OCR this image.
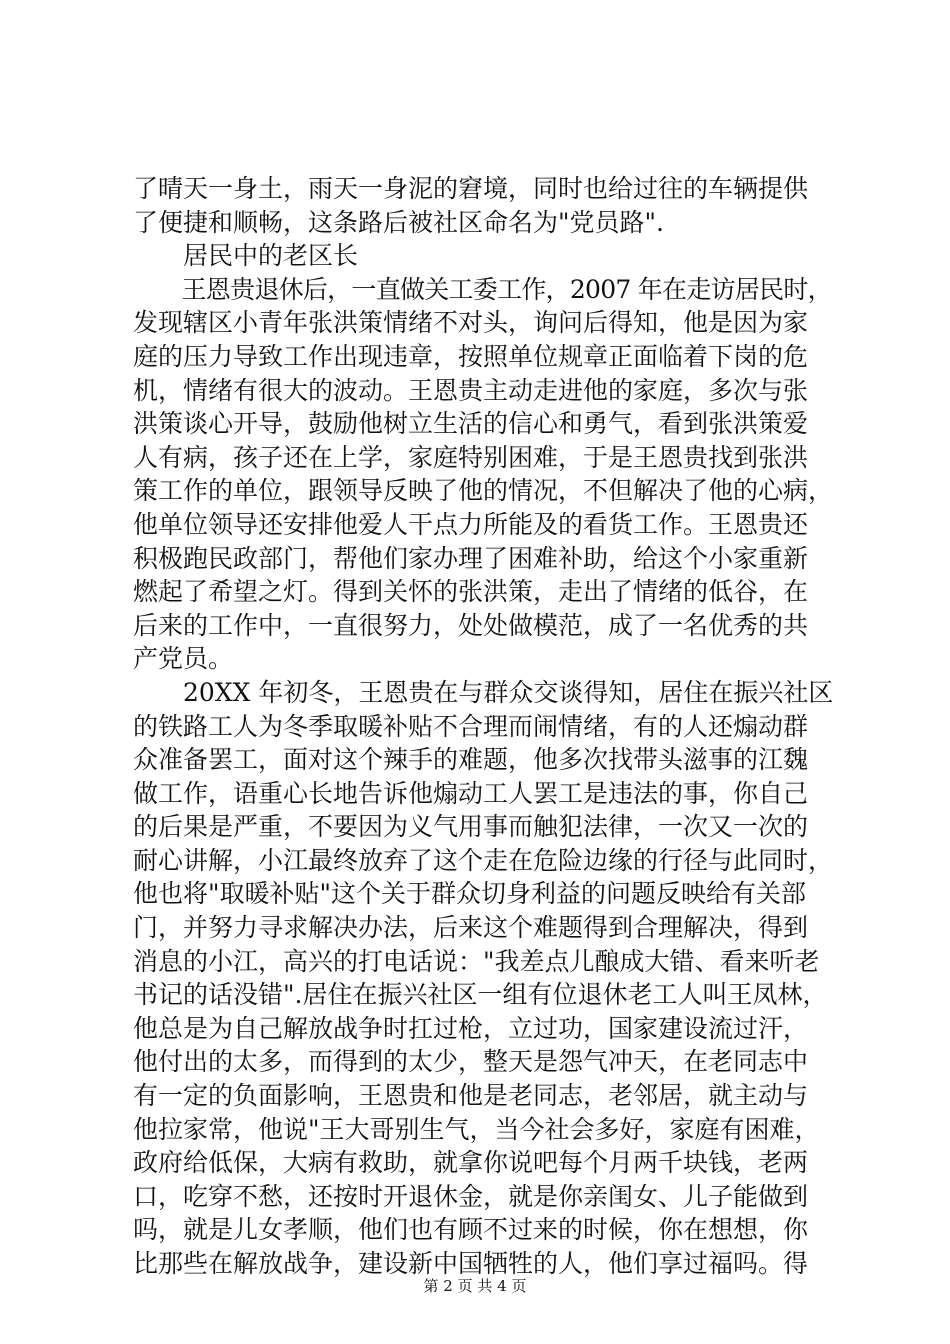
了晴天一身土，雨天一身泥的窘境，同时也给过往的车辆提供
了便捷和顺畅，这条路后被社区命名为"党员路".
　　居民中的老区长
　　王恩贵退休后，一直做关工委工作，2007 年在走访居民时，
发现辖区小青年张洪策情绪不对头，询问后得知，他是因为家
庭的压力导致工作出现违章，按照单位规章正面临着下岗的危
机，情绪有很大的波动。王恩贵主动走进他的家庭，多次与张
洪策谈心开导，鼓励他树立生活的信心和勇气，看到张洪策爱
人有病，孩子还在上学，家庭特别困难，于是王恩贵找到张洪
策工作的单位，跟领导反映了他的情况，不但解决了他的心病，
他单位领导还安排他爱人干点力所能及的看货工作。王恩贵还
积极跑民政部门，帮他们家办理了困难补助，给这个小家重新
燃起了希望之灯。得到关怀的张洪策，走出了情绪的低谷，在
后来的工作中，一直很努力，处处做模范，成了一名优秀的共
产党员。
　　20XX 年初冬，王恩贵在与群众交谈得知，居住在振兴社区
的铁路工人为冬季取暖补贴不合理而闹情绪，有的人还煽动群
众准备罢工，面对这个辣手的难题，他多次找带头滋事的江魏
做工作，语重心长地告诉他煽动工人罢工是违法的事，你自己
的后果是严重，不要因为义气用事而触犯法律，一次又一次的
耐心讲解，小江最终放弃了这个走在危险边缘的行径与此同时，
他也将"取暖补贴"这个关于群众切身利益的问题反映给有关部
门，并努力寻求解决办法，后来这个难题得到合理解决，得到
消息的小江，高兴的打电话说："我差点儿酿成大错、看来听老
书记的话没错".居住在振兴社区一组有位退休老工人叫王凤林，
他总是为自己解放战争时扛过枪，立过功，国家建设流过汗，
他付出的太多，而得到的太少，整天是怨气冲天，在老同志中
有一定的负面影响，王恩贵和他是老同志，老邻居，就主动与
他拉家常，他说"王大哥别生气，当今社会多好，家庭有困难，
政府给低保，大病有救助，就拿你说吧每个月两千块钱，老两
口，吃穿不愁，还按时开退休金，就是你亲闺女、儿子能做到
吗，就是儿女孝顺，他们也有顾不过来的时候，你在想想，你
比那些在解放战争，建设新中国牺牲的人，他们享过福吗。得
第 2 页 共 4 页
